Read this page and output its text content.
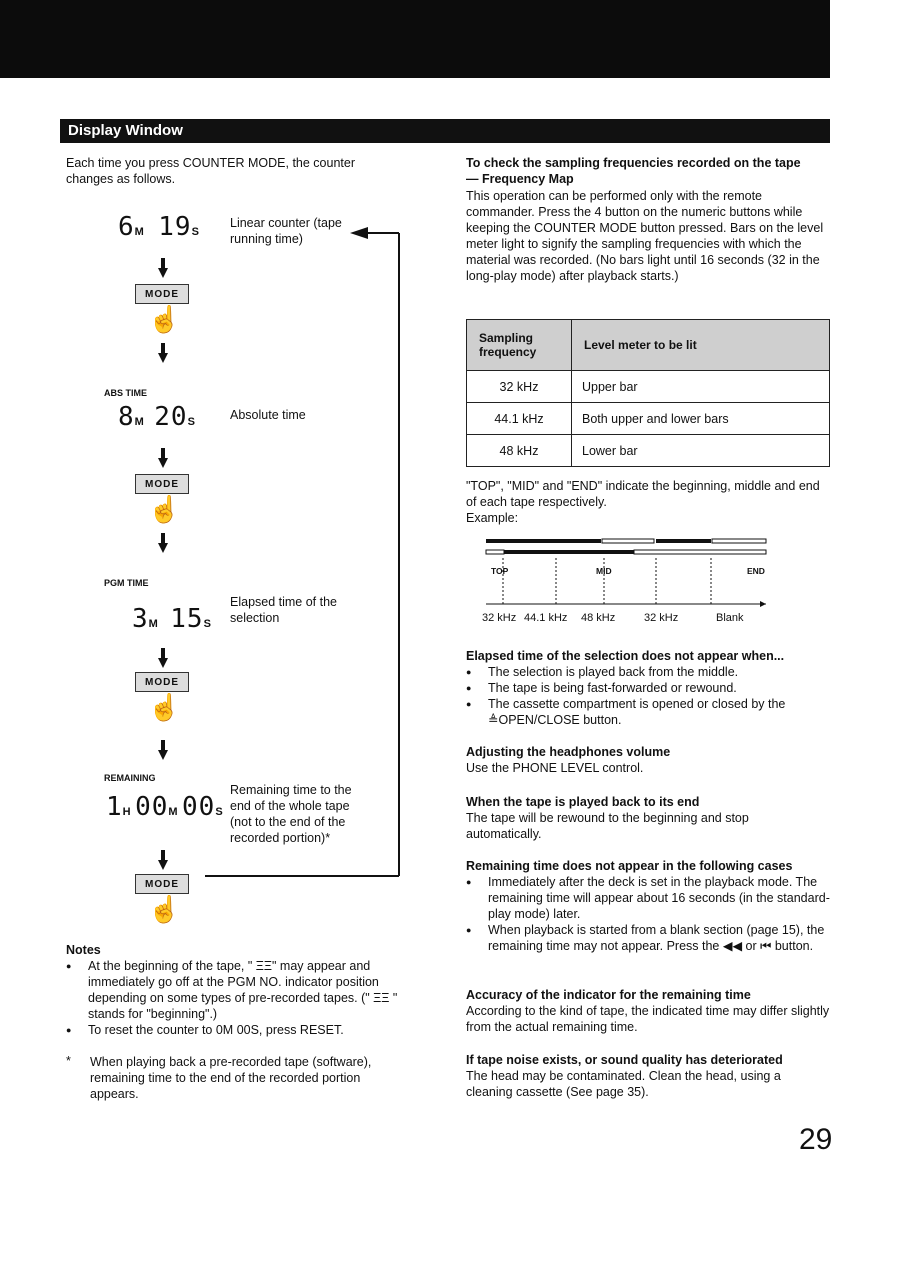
Display Window
Each time you press COUNTER MODE, the counter changes as follows.
6M 19S
Linear counter (tape running time)
MODE
☝
ABS TIME
8M 20S	Absolute time
MODE
☝
PGM TIME
3M 15S
Elapsed time of the selection
MODE
☝
REMAINING
1H 00M 00S
Remaining time to the end of the whole tape (not to the end of the recorded portion)*
MODE
☝
Notes
● At the beginning of the tape, " ΞΞ" may appear and immediately go off at the PGM NO. indicator position depending on some types of pre-recorded tapes. (" ΞΞ " stands for "beginning".)
● To reset the counter to 0M 00S, press RESET.
* When playing back a pre-recorded tape (software), remaining time to the end of the recorded portion appears.
To check the sampling frequencies recorded on the tape — Frequency Map
This operation can be performed only with the remote commander. Press the 4 button on the numeric buttons while keeping the COUNTER MODE button pressed. Bars on the level meter light to signify the sampling frequencies with which the material was recorded. (No bars light until 16 seconds (32 in the long-play mode) after playback starts.)
Sampling frequency	Level meter to be lit
32 kHz	Upper bar
44.1 kHz	Both upper and lower bars
48 kHz	Lower bar
"TOP", "MID" and "END" indicate the beginning, middle and end of each tape respectively.
Example:
TOP	MID	END
32 kHz 44.1 kHz 48 kHz	32 kHz	Blank
Elapsed time of the selection does not appear when...
● The selection is played back from the middle.
● The tape is being fast-forwarded or rewound.
● The cassette compartment is opened or closed by the ≜OPEN/CLOSE button.
Adjusting the headphones volume
Use the PHONE LEVEL control.
When the tape is played back to its end
The tape will be rewound to the beginning and stop automatically.
Remaining time does not appear in the following cases
● Immediately after the deck is set in the playback mode. The remaining time will appear about 16 seconds (in the standard-play mode) later.
● When playback is started from a blank section (page 15), the remaining time may not appear. Press the ◀◀ or ⏮ button.
Accuracy of the indicator for the remaining time
According to the kind of tape, the indicated time may differ slightly from the actual remaining time.
If tape noise exists, or sound quality has deteriorated
The head may be contaminated. Clean the head, using a cleaning cassette (See page 35).
29
